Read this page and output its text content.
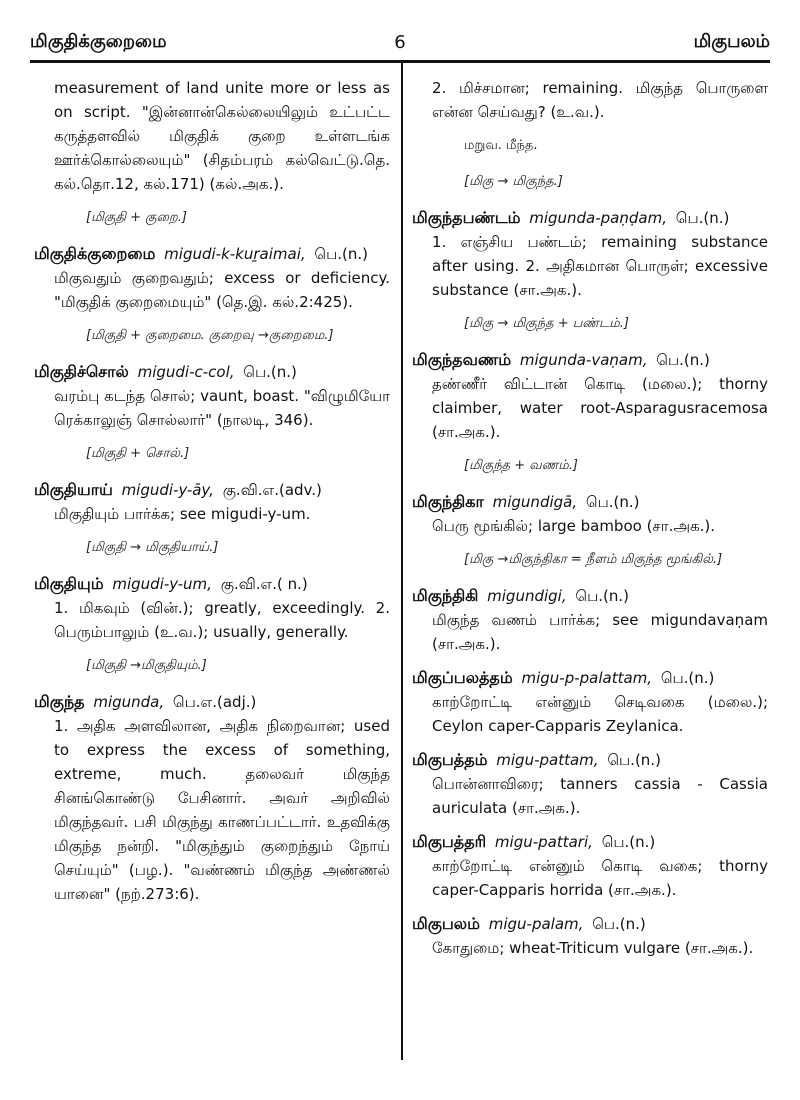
மிகுதிக்குறைமை	6	மிகுபலம்
measurement of land unite more or less as on script. "இன்னான்கெல்லையிலும் உட்பட்ட கருத்தளவில் மிகுதிக் குறை உள்ளடங்க ஊர்க்கொல்லையும்" (சிதம்பரம் கல்வெட்டு.தெ. கல்.தொ.12, கல்.171) (கல்.அக.).
[மிகுதி + குறை.]
மிகுதிக்குறைமை migudi-k-kuṟaimai, பெ.(n.)
மிகுவதும் குறைவதும்; excess or deficiency. "மிகுதிக் குறைமையும்" (தெ.இ. கல்.2:425).
[மிகுதி + குறைமை. குறைவு →குறைமை.]
மிகுதிச்சொல் migudi-c-col, பெ.(n.)
வரம்பு கடந்த சொல்; vaunt, boast. "விழுமியோ ரெக்காலுஞ் சொல்லார்" (நாலடி, 346).
[மிகுதி + சொல்.]
மிகுதியாய் migudi-y-āy, கு.வி.எ.(adv.)
மிகுதியும் பார்க்க; see migudi-y-um.
[மிகுதி → மிகுதியாய்.]
மிகுதியும் migudi-y-um, கு.வி.எ.( n.)
1. மிகவும் (வின்.); greatly, exceedingly. 2. பெரும்பாலும் (உ.வ.); usually, generally.
[மிகுதி →மிகுதியும்.]
மிகுந்த migunda, பெ.எ.(adj.)
1. அதிக அளவிலான, அதிக நிறைவான; used to express the excess of something, extreme, much. தலைவர் மிகுந்த சினங்கொண்டு பேசினார். அவர் அறிவில் மிகுந்தவர். பசி மிகுந்து காணப்பட்டார். உதவிக்கு மிகுந்த நன்றி. "மிகுந்தும் குறைந்தும் நோய் செய்யும்" (பழ.). "வண்ணம் மிகுந்த அண்ணல் யானை" (நற்.273:6).
2. மிச்சமான; remaining. மிகுந்த பொருளை என்ன செய்வது? (உ.வ.).
மறுவ. மீந்த.
[மிகு → மிகுந்த.]
மிகுந்தபண்டம் migunda-paṇḍam, பெ.(n.)
1. எஞ்சிய பண்டம்; remaining substance after using. 2. அதிகமான பொருள்; excessive substance (சா.அக.).
[மிகு → மிகுந்த + பண்டம்.]
மிகுந்தவணம் migunda-vaṇam, பெ.(n.)
தண்ணீர் விட்டான் கொடி (மலை.); thorny claimber, water root-Asparagusracemosa (சா.அக.).
[மிகுந்த + வணம்.]
மிகுந்திகா migundigā, பெ.(n.)
பெரு மூங்கில்; large bamboo (சா.அக.).
[மிகு →மிகுந்திகா = நீளம் மிகுந்த மூங்கில்.]
மிகுந்திகி migundigi, பெ.(n.)
மிகுந்த வணம் பார்க்க; see migundavaṇam (சா.அக.).
மிகுப்பலத்தம் migu-p-palattam, பெ.(n.)
காற்றோட்டி என்னும் செடிவகை (மலை.); Ceylon caper-Capparis Zeylanica.
மிகுபத்தம் migu-pattam, பெ.(n.)
பொன்னாவிரை; tanners cassia - Cassia auriculata (சா.அக.).
மிகுபத்தரி migu-pattari, பெ.(n.)
காற்றோட்டி என்னும் கொடி வகை; thorny caper-Capparis horrida (சா.அக.).
மிகுபலம் migu-palam, பெ.(n.)
கோதுமை; wheat-Triticum vulgare (சா.அக.).
